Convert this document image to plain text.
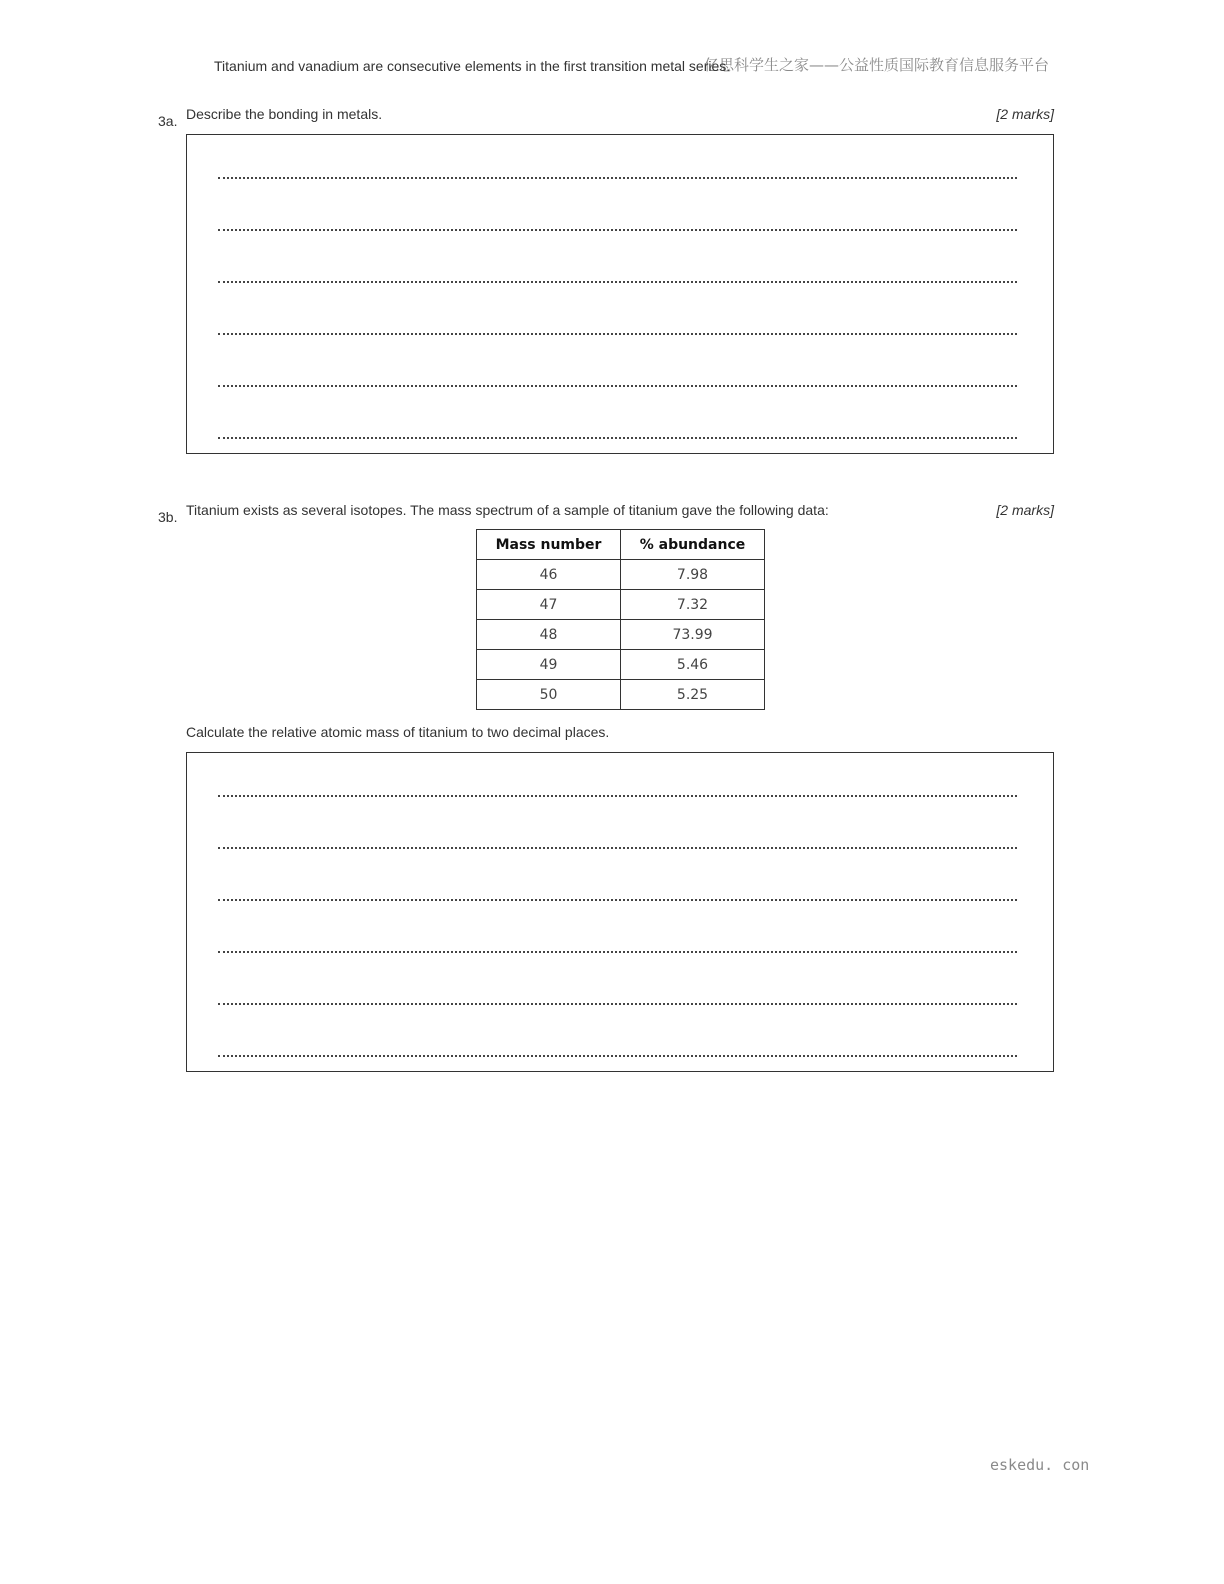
亿思科学生之家——公益性质国际教育信息服务平台
Titanium and vanadium are consecutive elements in the first transition metal series.
3a. Describe the bonding in metals.	[2 marks]
3b. Titanium exists as several isotopes. The mass spectrum of a sample of titanium gave the following data:	[2 marks]
Mass number	% abundance
46	7.98
47	7.32
48	73.99
49	5.46
50	5.25
Calculate the relative atomic mass of titanium to two decimal places.
eskedu. con
